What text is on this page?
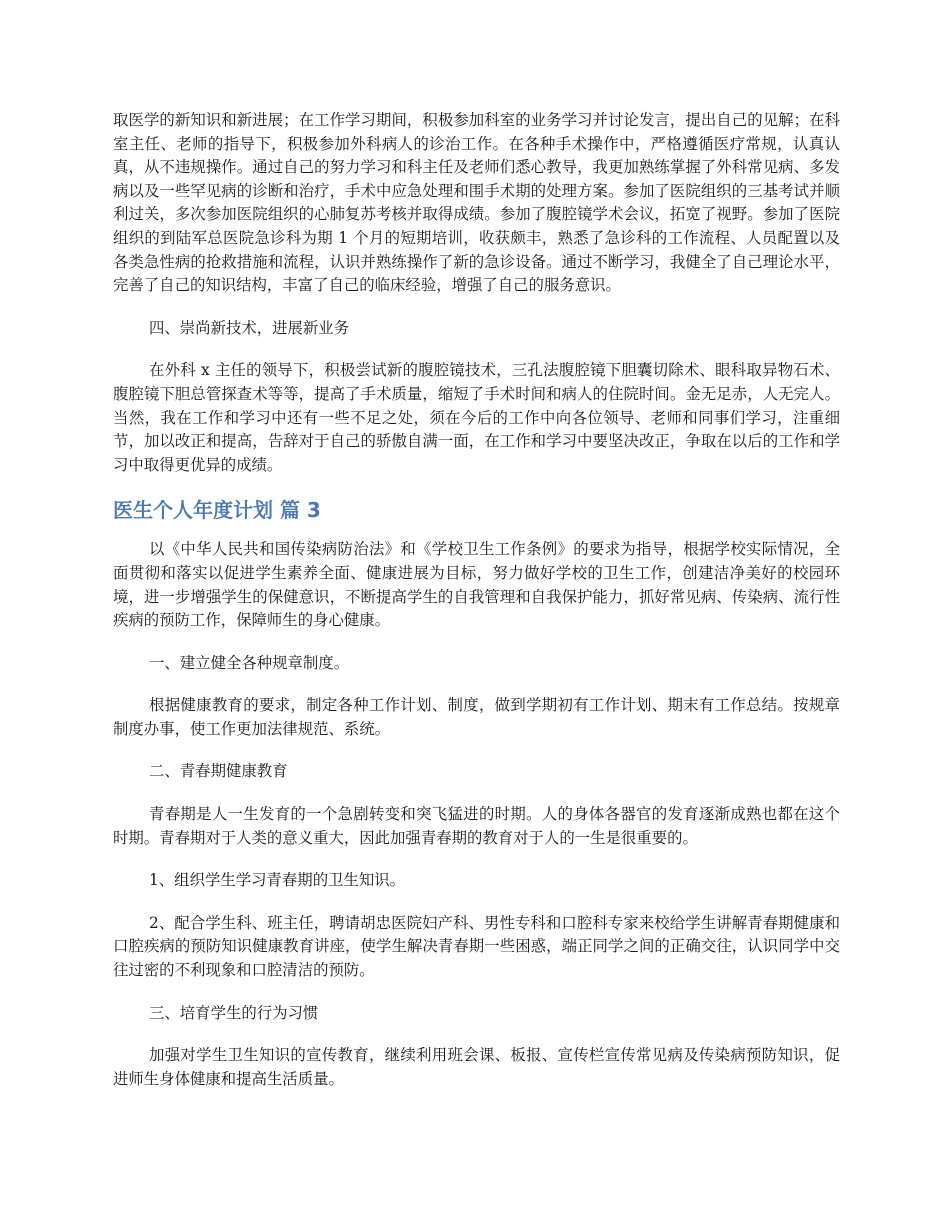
取医学的新知识和新进展；在工作学习期间，积极参加科室的业务学习并讨论发言，提出自己的见解；在科室主任、老师的指导下，积极参加外科病人的诊治工作。在各种手术操作中，严格遵循医疗常规，认真认真，从不违规操作。通过自己的努力学习和科主任及老师们悉心教导，我更加熟练掌握了外科常见病、多发病以及一些罕见病的诊断和治疗，手术中应急处理和围手术期的处理方案。参加了医院组织的三基考试并顺利过关，多次参加医院组织的心肺复苏考核并取得成绩。参加了腹腔镜学术会议，拓宽了视野。参加了医院组织的到陆军总医院急诊科为期 1 个月的短期培训，收获颇丰，熟悉了急诊科的工作流程、人员配置以及各类急性病的抢救措施和流程，认识并熟练操作了新的急诊设备。通过不断学习，我健全了自己理论水平，完善了自己的知识结构，丰富了自己的临床经验，增强了自己的服务意识。

四、崇尚新技术，进展新业务

在外科 x 主任的领导下，积极尝试新的腹腔镜技术，三孔法腹腔镜下胆囊切除术、眼科取异物石术、腹腔镜下胆总管探查术等等，提高了手术质量，缩短了手术时间和病人的住院时间。金无足赤，人无完人。当然，我在工作和学习中还有一些不足之处，须在今后的工作中向各位领导、老师和同事们学习，注重细节，加以改正和提高，告辞对于自己的骄傲自满一面，在工作和学习中要坚决改正，争取在以后的工作和学习中取得更优异的成绩。

医生个人年度计划 篇 3

以《中华人民共和国传染病防治法》和《学校卫生工作条例》的要求为指导，根据学校实际情况，全面贯彻和落实以促进学生素养全面、健康进展为目标，努力做好学校的卫生工作，创建洁净美好的校园环境，进一步增强学生的保健意识，不断提高学生的自我管理和自我保护能力，抓好常见病、传染病、流行性疾病的预防工作，保障师生的身心健康。

一、建立健全各种规章制度。

根据健康教育的要求，制定各种工作计划、制度，做到学期初有工作计划、期末有工作总结。按规章制度办事，使工作更加法律规范、系统。

二、青春期健康教育

青春期是人一生发育的一个急剧转变和突飞猛进的时期。人的身体各器官的发育逐渐成熟也都在这个时期。青春期对于人类的意义重大，因此加强青春期的教育对于人的一生是很重要的。

1、组织学生学习青春期的卫生知识。

2、配合学生科、班主任，聘请胡忠医院妇产科、男性专科和口腔科专家来校给学生讲解青春期健康和口腔疾病的预防知识健康教育讲座，使学生解决青春期一些困惑，端正同学之间的正确交往，认识同学中交往过密的不利现象和口腔清洁的预防。

三、培育学生的行为习惯

加强对学生卫生知识的宣传教育，继续利用班会课、板报、宣传栏宣传常见病及传染病预防知识，促进师生身体健康和提高生活质量。
